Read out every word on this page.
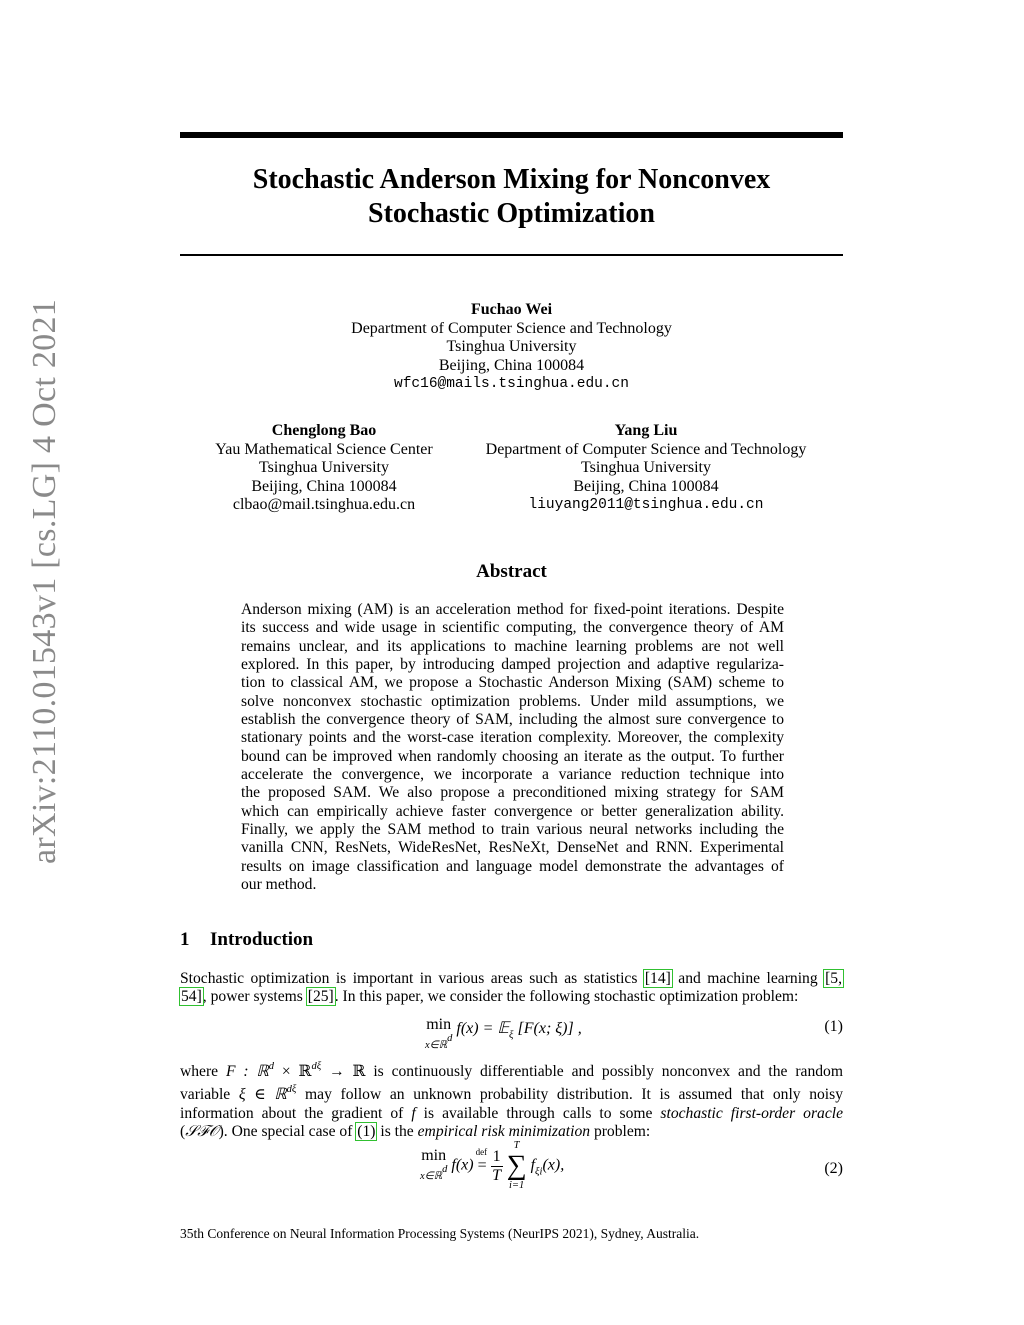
arXiv:2110.01543v1 [cs.LG] 4 Oct 2021
Stochastic Anderson Mixing for Nonconvex
Stochastic Optimization
Fuchao Wei
Department of Computer Science and Technology
Tsinghua University
Beijing, China 100084
wfc16@mails.tsinghua.edu.cn
Chenglong Bao
Yau Mathematical Science Center
Tsinghua University
Beijing, China 100084
clbao@mail.tsinghua.edu.cn
Yang Liu
Department of Computer Science and Technology
Tsinghua University
Beijing, China 100084
liuyang2011@tsinghua.edu.cn
Abstract
Anderson mixing (AM) is an acceleration method for fixed-point iterations. Despite
its success and wide usage in scientific computing, the convergence theory of AM
remains unclear, and its applications to machine learning problems are not well
explored. In this paper, by introducing damped projection and adaptive regulariza-
tion to classical AM, we propose a Stochastic Anderson Mixing (SAM) scheme to
solve nonconvex stochastic optimization problems. Under mild assumptions, we
establish the convergence theory of SAM, including the almost sure convergence to
stationary points and the worst-case iteration complexity. Moreover, the complexity
bound can be improved when randomly choosing an iterate as the output. To further
accelerate the convergence, we incorporate a variance reduction technique into
the proposed SAM. We also propose a preconditioned mixing strategy for SAM
which can empirically achieve faster convergence or better generalization ability.
Finally, we apply the SAM method to train various neural networks including the
vanilla CNN, ResNets, WideResNet, ResNeXt, DenseNet and RNN. Experimental
results on image classification and language model demonstrate the advantages of
our method.
1 Introduction
Stochastic optimization is important in various areas such as statistics [14] and machine learning [5,
54], power systems [25]. In this paper, we consider the following stochastic optimization problem:
min
x∈ℝd
f(x) = 𝔼$_\xi$ [F(x; ξ)] ,	(1)
where F : ℝ$^d$ × ℝ$^{d\xi}$ → ℝ is continuously differentiable and possibly nonconvex and the random
variable ξ ∈ ℝ$^{d\xi}$ may follow an unknown probability distribution. It is assumed that only noisy
information about the gradient of f is available through calls to some stochastic first-order oracle
(𝒮ℱ𝒪). One special case of (1) is the empirical risk minimization problem:
min
x∈ℝd f(x)
def
= $\frac{1}{T}$

T
∑
i=1
$f_{\xi i}(x)$,	(2)
35th Conference on Neural Information Processing Systems (NeurIPS 2021), Sydney, Australia.
